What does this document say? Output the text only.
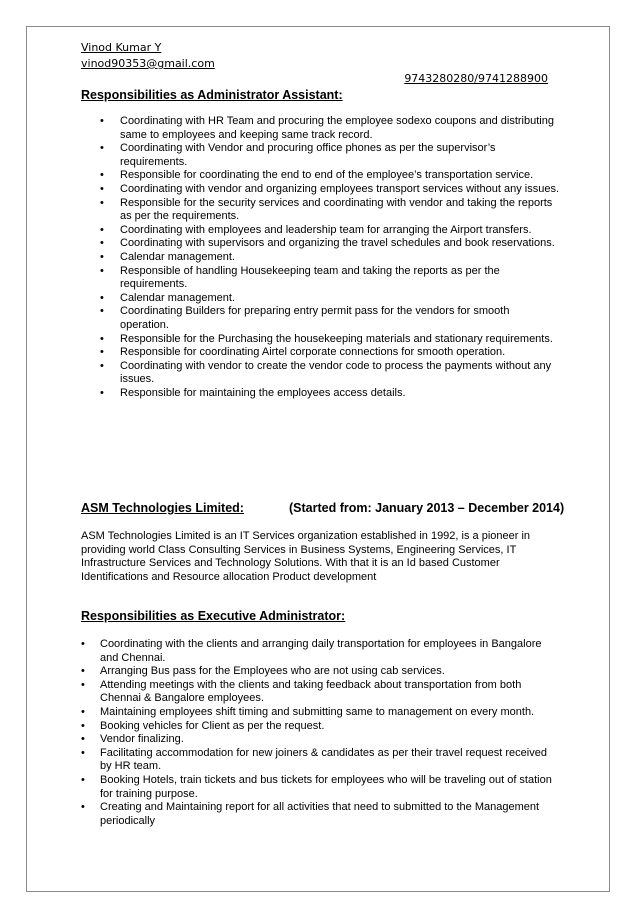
Vinod Kumar Y
vinod90353@gmail.com
9743280280/9741288900
Responsibilities as Administrator Assistant:
• Coordinating with HR Team and procuring the employee sodexo coupons and distributing same to employees and keeping same track record.
• Coordinating with Vendor and procuring office phones as per the supervisor’s requirements.
• Responsible for coordinating the end to end of the employee’s transportation service.
• Coordinating with vendor and organizing employees transport services without any issues.
• Responsible for the security services and coordinating with vendor and taking the reports as per the requirements.
• Coordinating with employees and leadership team for arranging the Airport transfers.
• Coordinating with supervisors and organizing the travel schedules and book reservations.
• Calendar management.
• Responsible of handling Housekeeping team and taking the reports as per the requirements.
• Calendar management.
• Coordinating Builders for preparing entry permit pass for the vendors for smooth operation.
• Responsible for the Purchasing the housekeeping materials and stationary requirements.
• Responsible for coordinating Airtel corporate connections for smooth operation.
• Coordinating with vendor to create the vendor code to process the payments without any issues.
• Responsible for maintaining the employees access details.
ASM Technologies Limited:	(Started from: January 2013 – December 2014)
ASM Technologies Limited is an IT Services organization established in 1992, is a pioneer in providing world Class Consulting Services in Business Systems, Engineering Services, IT Infrastructure Services and Technology Solutions. With that it is an Id based Customer Identifications and Resource allocation Product development
Responsibilities as Executive Administrator:
• Coordinating with the clients and arranging daily transportation for employees in Bangalore and Chennai.
• Arranging Bus pass for the Employees who are not using cab services.
• Attending meetings with the clients and taking feedback about transportation from both Chennai & Bangalore employees.
• Maintaining employees shift timing and submitting same to management on every month.
• Booking vehicles for Client as per the request.
• Vendor finalizing.
• Facilitating accommodation for new joiners & candidates as per their travel request received by HR team.
• Booking Hotels, train tickets and bus tickets for employees who will be traveling out of station for training purpose.
• Creating and Maintaining report for all activities that need to submitted to the Management periodically
